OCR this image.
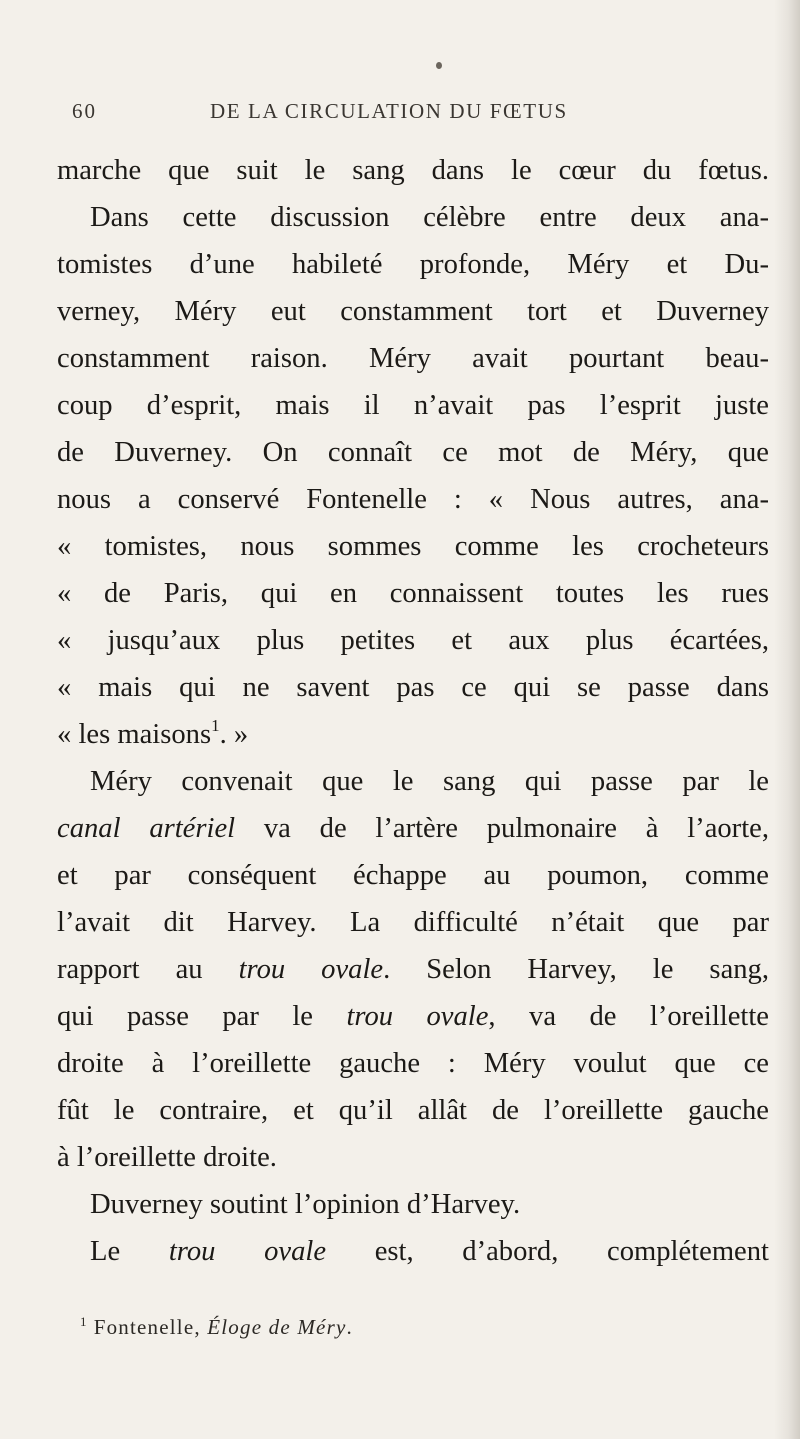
60	DE LA CIRCULATION DU FŒTUS
marche que suit le sang dans le cœur du fœtus.
Dans cette discussion célèbre entre deux ana-
tomistes d’une habileté profonde, Méry et Du-
verney, Méry eut constamment tort et Duverney
constamment raison. Méry avait pourtant beau-
coup d’esprit, mais il n’avait pas l’esprit juste
de Duverney. On connaît ce mot de Méry, que
nous a conservé Fontenelle : « Nous autres, ana-
« tomistes, nous sommes comme les crocheteurs
« de Paris, qui en connaissent toutes les rues
« jusqu’aux plus petites et aux plus écartées,
« mais qui ne savent pas ce qui se passe dans
« les maisons$^1$. »
Méry convenait que le sang qui passe par le
canal artériel va de l’artère pulmonaire à l’aorte,
et par conséquent échappe au poumon, comme
l’avait dit Harvey. La difficulté n’était que par
rapport au trou ovale. Selon Harvey, le sang,
qui passe par le trou ovale, va de l’oreillette
droite à l’oreillette gauche : Méry voulut que ce
fût le contraire, et qu’il allât de l’oreillette gauche
à l’oreillette droite.
Duverney soutint l’opinion d’Harvey.
Le trou ovale est, d’abord, complétement
$^1$ Fontenelle, Éloge de Méry.
